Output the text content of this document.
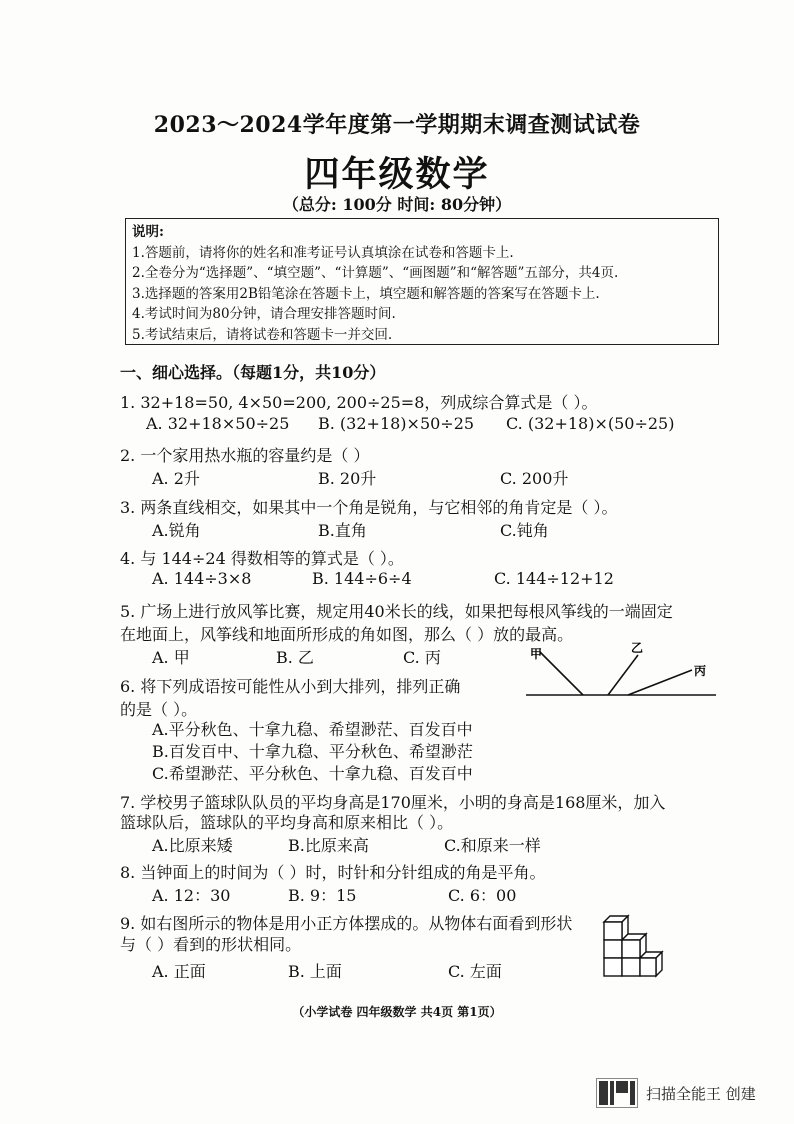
2023～2024学年度第一学期期末调查测试试卷
四年级数学
（总分: 100分 时间: 80分钟）
说明:
1.答题前，请将你的姓名和准考证号认真填涂在试卷和答题卡上.
2.全卷分为“选择题”、“填空题”、“计算题”、“画图题”和“解答题”五部分，共4页.
3.选择题的答案用2B铅笔涂在答题卡上，填空题和解答题的答案写在答题卡上.
4.考试时间为80分钟，请合理安排答题时间.
5.考试结束后，请将试卷和答题卡一并交回.
一、细心选择。（每题1分，共10分）
1. 32+18=50, 4×50=200, 200÷25=8，列成综合算式是（ ）。
A. 32+18×50÷25 B. (32+18)×50÷25 C. (32+18)×(50÷25)
2. 一个家用热水瓶的容量约是（ ）
A. 2升	B. 20升	C. 200升
3. 两条直线相交，如果其中一个角是锐角，与它相邻的角肯定是（ ）。
A.锐角	B.直角	C.钝角
4. 与 144÷24 得数相等的算式是（ ）。
A. 144÷3×8	B. 144÷6÷4	C. 144÷12+12
5. 广场上进行放风筝比赛，规定用40米长的线，如果把每根风筝线的一端固定
在地面上，风筝线和地面所形成的角如图，那么（ ）放的最高。
A. 甲	B. 乙	C. 丙	甲	乙
丙
6. 将下列成语按可能性从小到大排列，排列正确
的是（ ）。
A.平分秋色、十拿九稳、希望渺茫、百发百中
B.百发百中、十拿九稳、平分秋色、希望渺茫
C.希望渺茫、平分秋色、十拿九稳、百发百中
7. 学校男子篮球队队员的平均身高是170厘米，小明的身高是168厘米，加入
篮球队后，篮球队的平均身高和原来相比（ ）。
A.比原来矮	B.比原来高	C.和原来一样
8. 当钟面上的时间为（ ）时，时针和分针组成的角是平角。
A. 12：30	B. 9：15	C. 6：00
9. 如右图所示的物体是用小正方体摆成的。从物体右面看到形状
与（ ）看到的形状相同。
A. 正面	B. 上面	C. 左面
（小学试卷 四年级数学 共4页 第1页）
扫描全能王 创建
